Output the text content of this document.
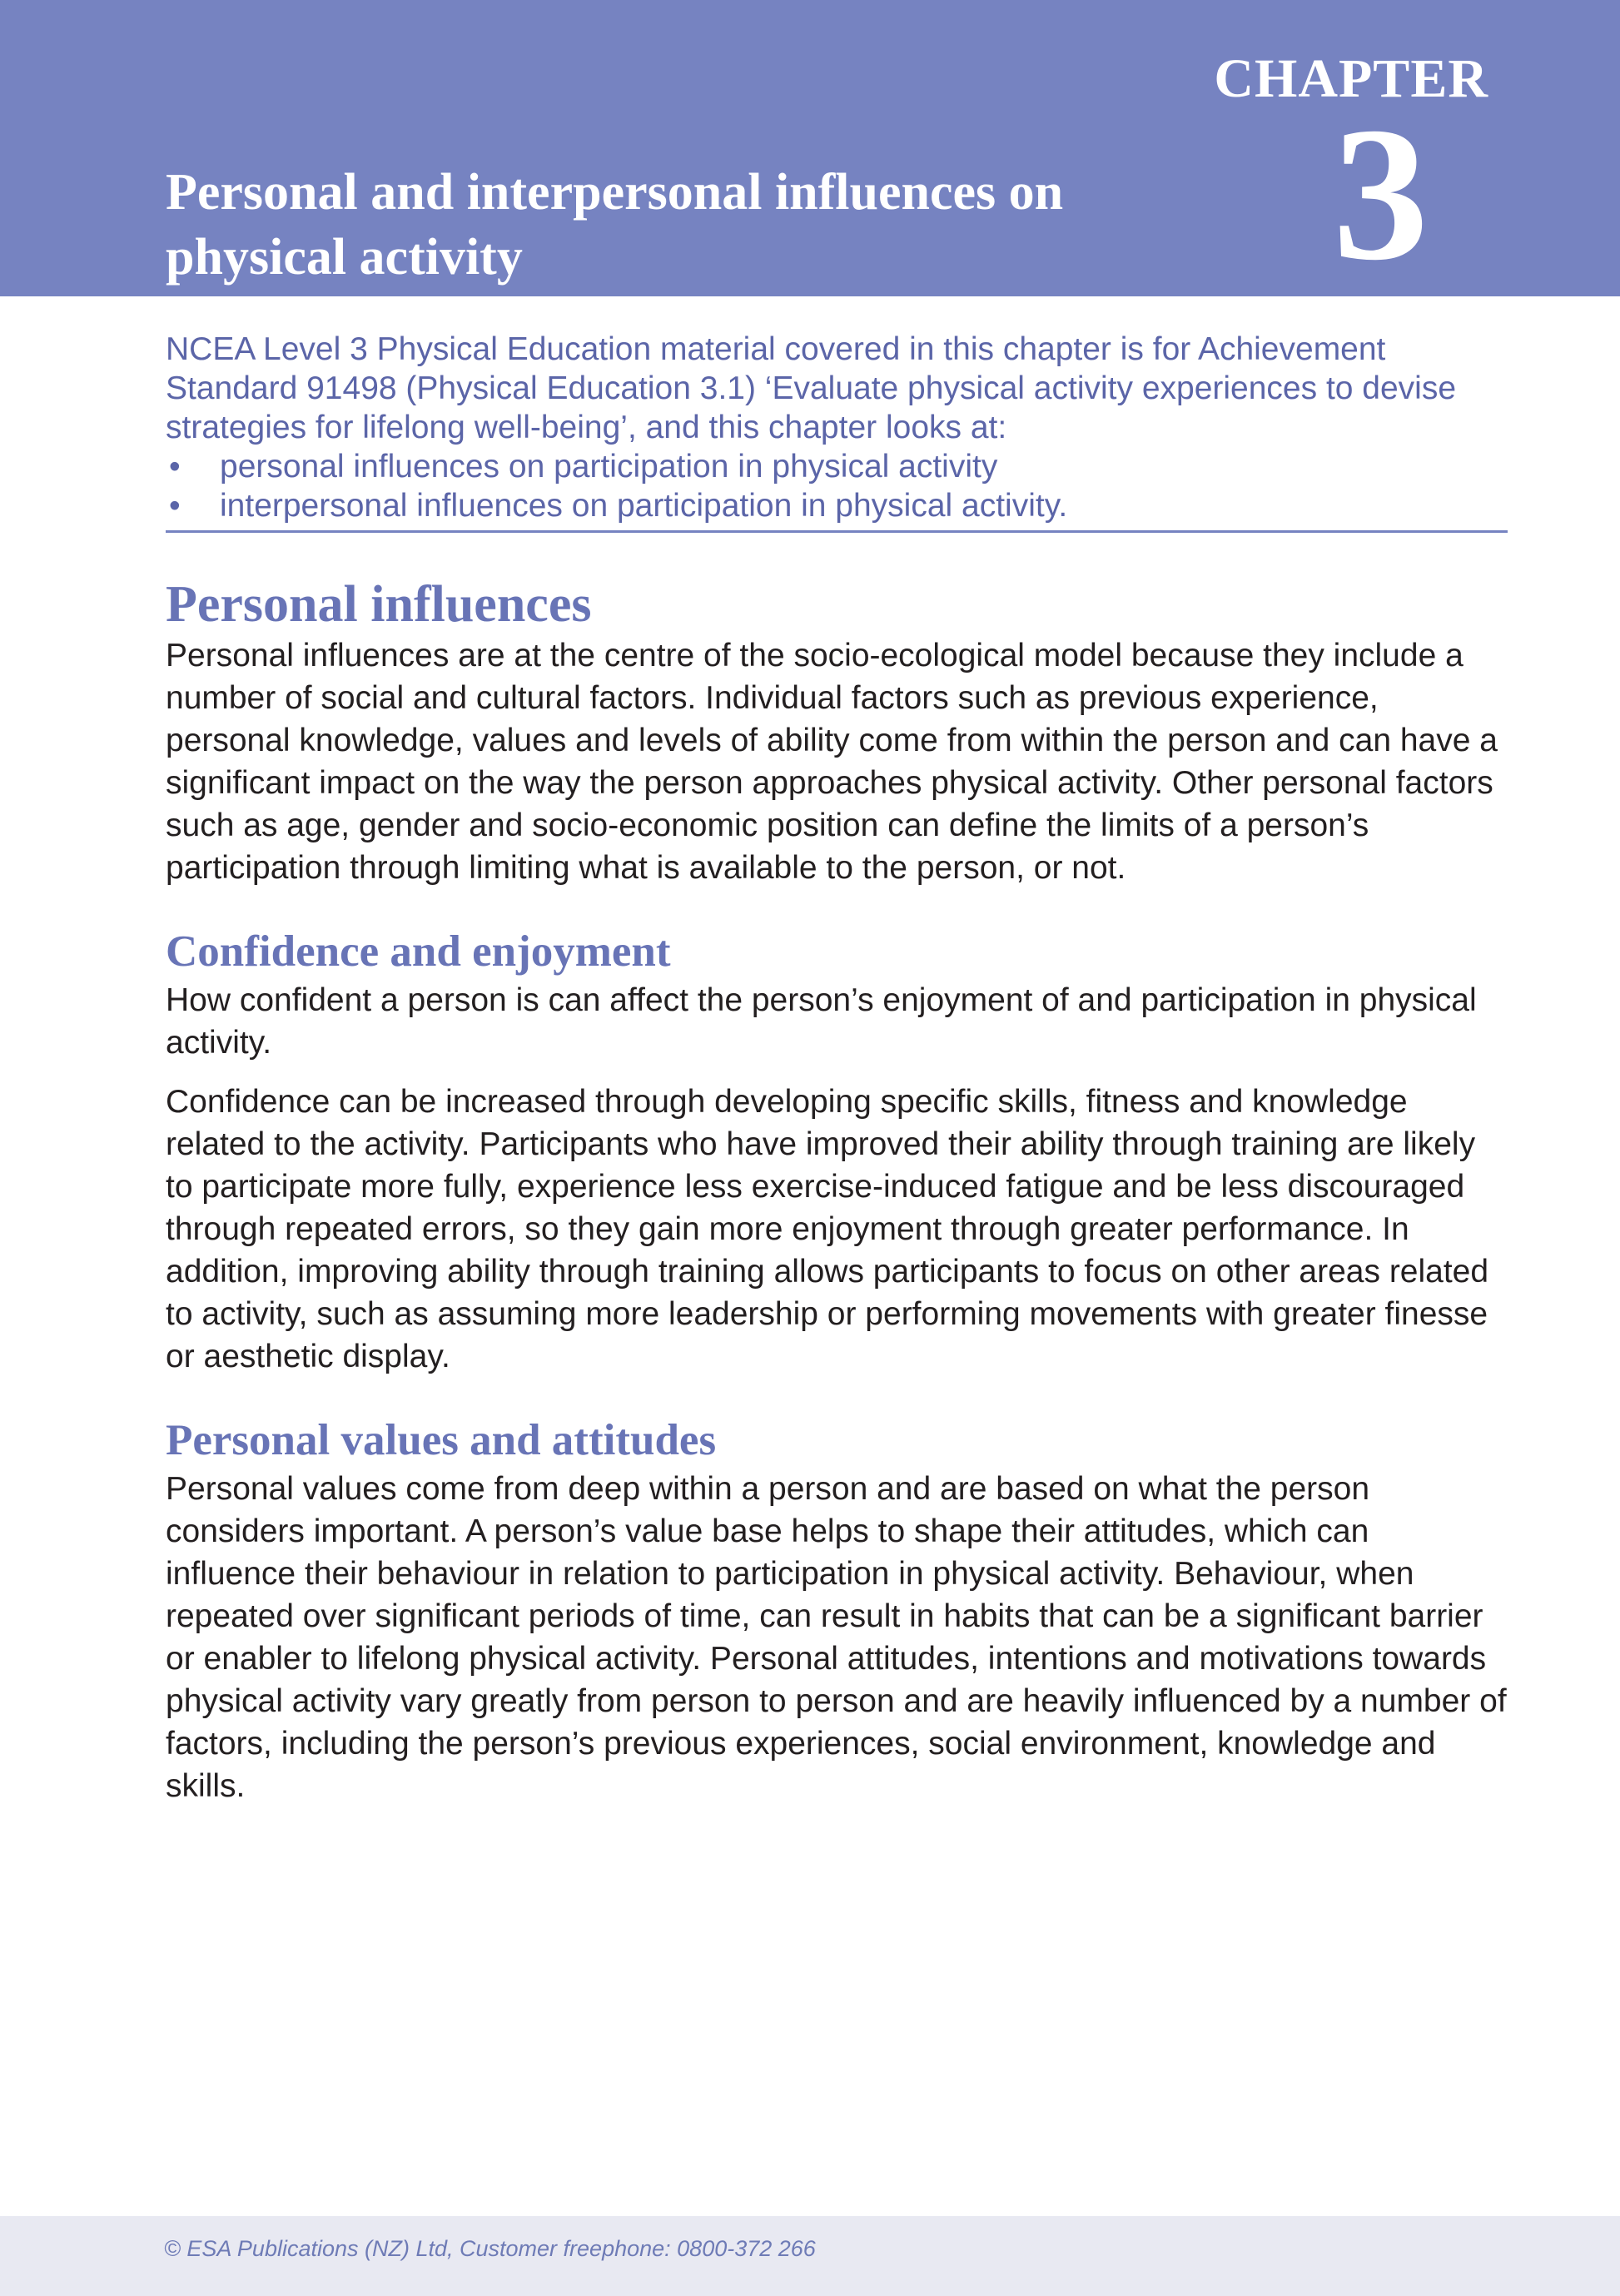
CHAPTER
3
Personal and interpersonal influences on physical activity

NCEA Level 3 Physical Education material covered in this chapter is for Achievement Standard 91498 (Physical Education 3.1) ‘Evaluate physical activity experiences to devise strategies for lifelong well-being’, and this chapter looks at:

• personal influences on participation in physical activity
• interpersonal influences on participation in physical activity.
Personal influences

Personal influences are at the centre of the socio-ecological model because they include a number of social and cultural factors. Individual factors such as previous experience, personal knowledge, values and levels of ability come from within the person and can have a significant impact on the way the person approaches physical activity. Other personal factors such as age, gender and socio-economic position can define the limits of a person’s participation through limiting what is available to the person, or not.

Confidence and enjoyment

How confident a person is can affect the person’s enjoyment of and participation in physical activity.

Confidence can be increased through developing specific skills, fitness and knowledge related to the activity. Participants who have improved their ability through training are likely to participate more fully, experience less exercise-induced fatigue and be less discouraged through repeated errors, so they gain more enjoyment through greater performance. In addition, improving ability through training allows participants to focus on other areas related to activity, such as assuming more leadership or performing movements with greater finesse or aesthetic display.

Personal values and attitudes

Personal values come from deep within a person and are based on what the person considers important. A person’s value base helps to shape their attitudes, which can influence their behaviour in relation to participation in physical activity. Behaviour, when repeated over significant periods of time, can result in habits that can be a significant barrier or enabler to lifelong physical activity. Personal attitudes, intentions and motivations towards physical activity vary greatly from person to person and are heavily influenced by a number of factors, including the person’s previous experiences, social environment, knowledge and skills.

© ESA Publications (NZ) Ltd, Customer freephone: 0800-372 266
